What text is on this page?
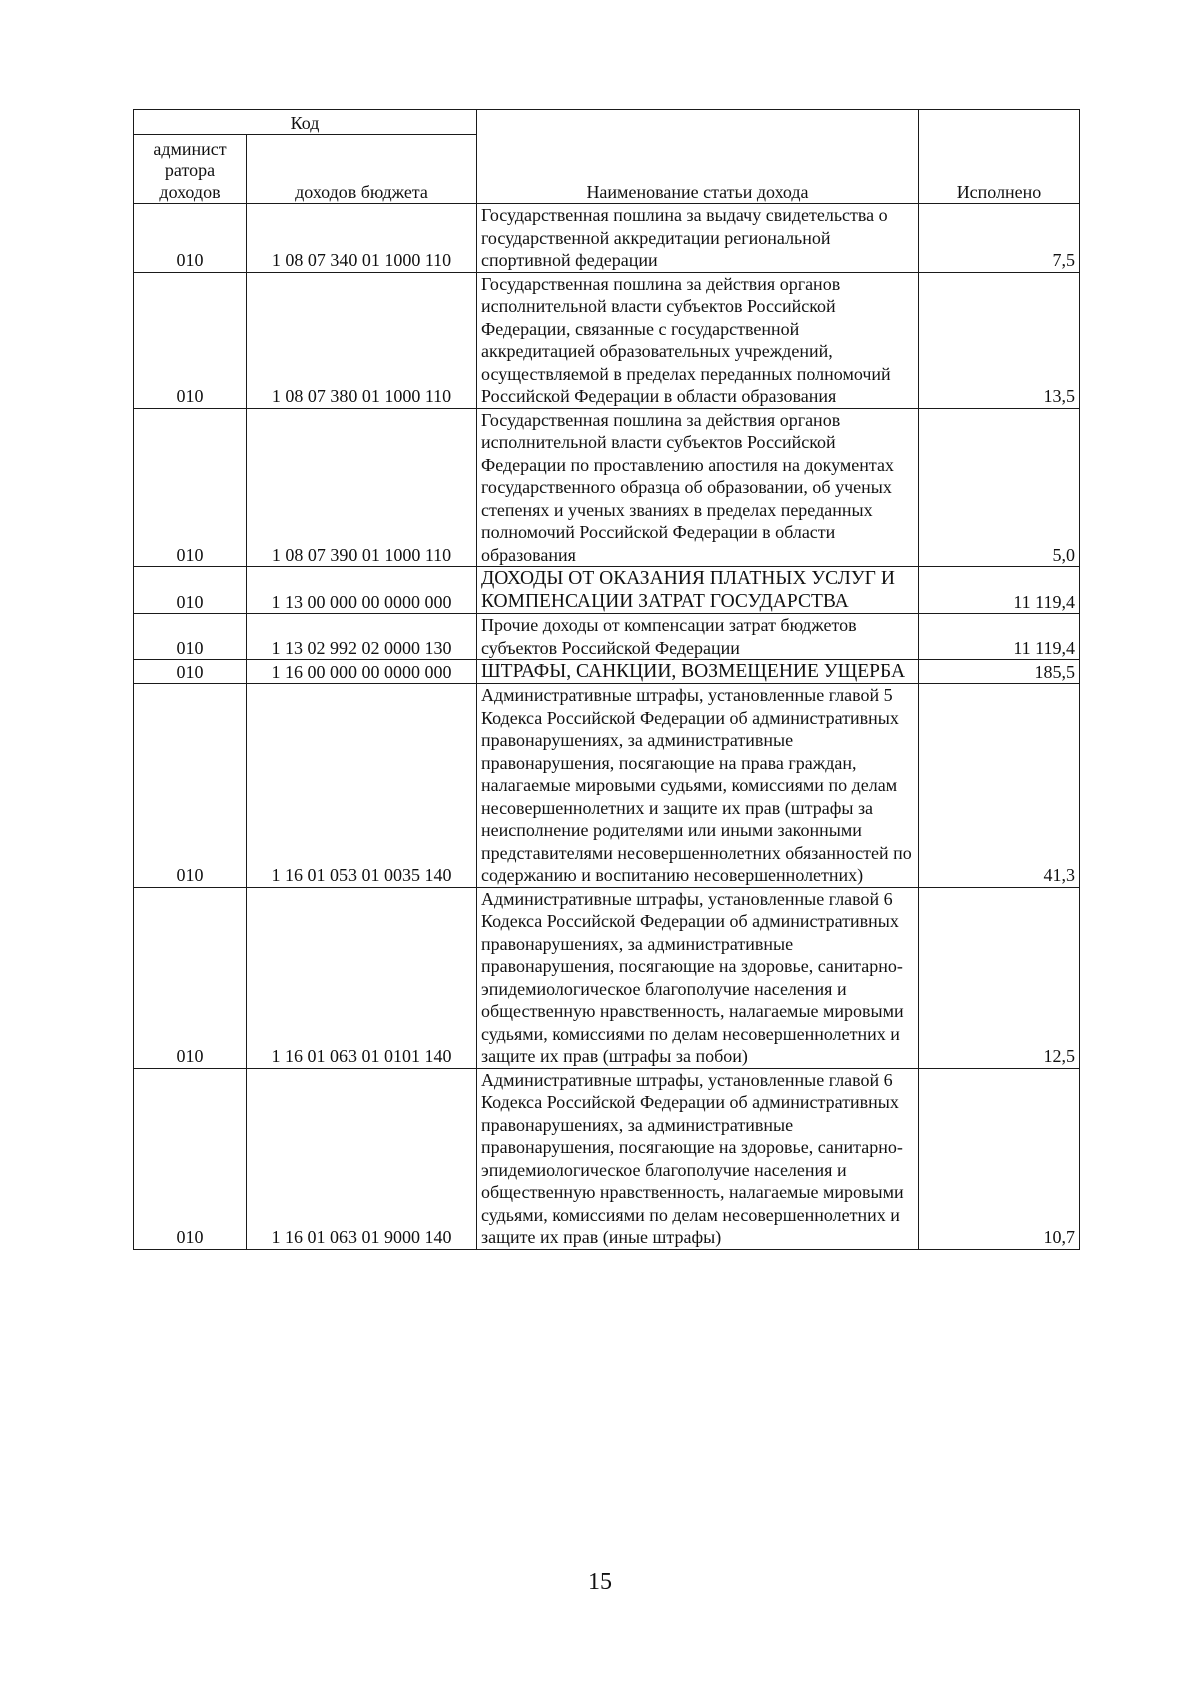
Код		Наименование статьи дохода	Исполнено
админист ратора доходов	доходов бюджета		
010	1 08 07 340 01 1000 110	Государственная пошлина за выдачу свидетельства о государственной аккредитации региональной спортивной федерации	7,5
010	1 08 07 380 01 1000 110	Государственная пошлина за действия органов исполнительной власти субъектов Российской Федерации, связанные с государственной аккредитацией образовательных учреждений, осуществляемой в пределах переданных полномочий Российской Федерации в области образования	13,5
010	1 08 07 390 01 1000 110	Государственная пошлина за действия органов исполнительной власти субъектов Российской Федерации по проставлению апостиля на документах государственного образца об образовании, об ученых степенях и ученых званиях в пределах переданных полномочий Российской Федерации в области образования	5,0
010	1 13 00 000 00 0000 000	ДОХОДЫ ОТ ОКАЗАНИЯ ПЛАТНЫХ УСЛУГ И КОМПЕНСАЦИИ ЗАТРАТ ГОСУДАРСТВА	11 119,4
010	1 13 02 992 02 0000 130	Прочие доходы от компенсации затрат бюджетов субъектов Российской Федерации	11 119,4
010	1 16 00 000 00 0000 000	ШТРАФЫ, САНКЦИИ, ВОЗМЕЩЕНИЕ УЩЕРБА	185,5
010	1 16 01 053 01 0035 140	Административные штрафы, установленные главой 5 Кодекса Российской Федерации об административных правонарушениях, за административные правонарушения, посягающие на права граждан, налагаемые мировыми судьями, комиссиями по делам несовершеннолетних и защите их прав (штрафы за неисполнение родителями или иными законными представителями несовершеннолетних обязанностей по содержанию и воспитанию несовершеннолетних)	41,3
010	1 16 01 063 01 0101 140	Административные штрафы, установленные главой 6 Кодекса Российской Федерации об административных правонарушениях, за административные правонарушения, посягающие на здоровье, санитарно-эпидемиологическое благополучие населения и общественную нравственность, налагаемые мировыми судьями, комиссиями по делам несовершеннолетних и защите их прав (штрафы за побои)	12,5
010	1 16 01 063 01 9000 140	Административные штрафы, установленные главой 6 Кодекса Российской Федерации об административных правонарушениях, за административные правонарушения, посягающие на здоровье, санитарно-эпидемиологическое благополучие населения и общественную нравственность, налагаемые мировыми судьями, комиссиями по делам несовершеннолетних и защите их прав (иные штрафы)	10,7
15
